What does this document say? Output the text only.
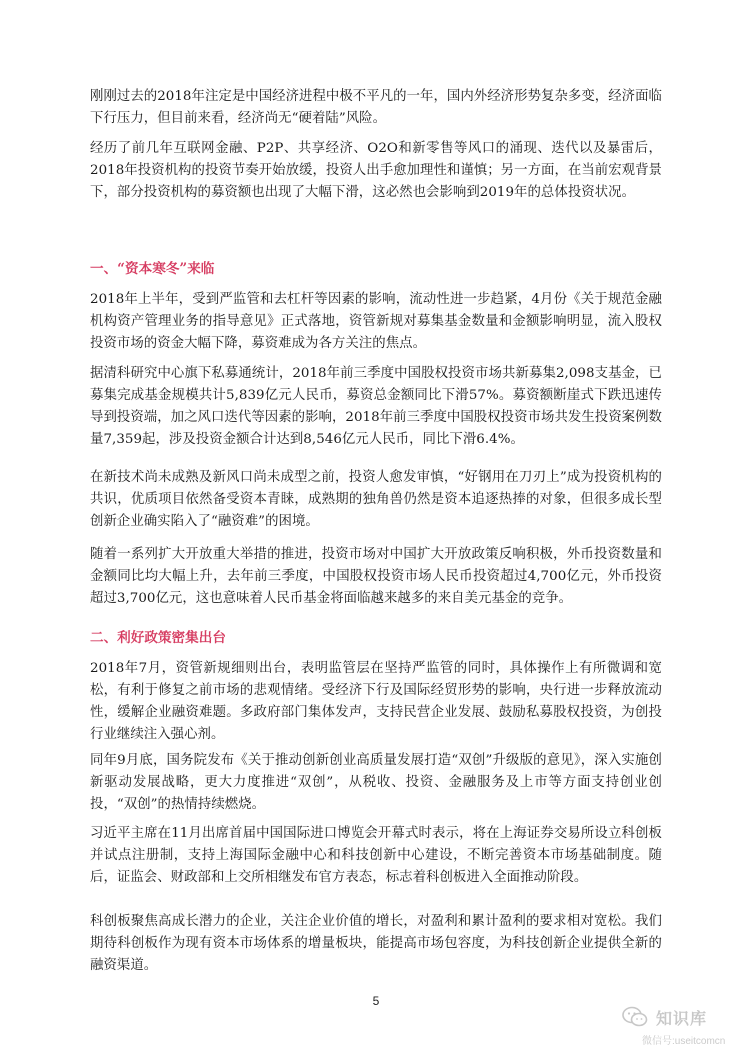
刚刚过去的2018年注定是中国经济进程中极不平凡的一年，国内外经济形势复杂多变，经济面临下行压力，但目前来看，经济尚无“硬着陆”风险。

经历了前几年互联网金融、P2P、共享经济、O2O和新零售等风口的涌现、迭代以及暴雷后，2018年投资机构的投资节奏开始放缓，投资人出手愈加理性和谨慎；另一方面，在当前宏观背景下，部分投资机构的募资额也出现了大幅下滑，这必然也会影响到2019年的总体投资状况。

一、“资本寒冬”来临

2018年上半年，受到严监管和去杠杆等因素的影响，流动性进一步趋紧，4月份《关于规范金融机构资产管理业务的指导意见》正式落地，资管新规对募集基金数量和金额影响明显，流入股权投资市场的资金大幅下降，募资难成为各方关注的焦点。

据清科研究中心旗下私募通统计，2018年前三季度中国股权投资市场共新募集2,098支基金，已募集完成基金规模共计5,839亿元人民币，募资总金额同比下滑57%。募资额断崖式下跌迅速传导到投资端，加之风口迭代等因素的影响，2018年前三季度中国股权投资市场共发生投资案例数量7,359起，涉及投资金额合计达到8,546亿元人民币，同比下滑6.4%。

在新技术尚未成熟及新风口尚未成型之前，投资人愈发审慎，“好钢用在刀刃上”成为投资机构的共识，优质项目依然备受资本青睐，成熟期的独角兽仍然是资本追逐热捧的对象，但很多成长型创新企业确实陷入了“融资难”的困境。

随着一系列扩大开放重大举措的推进，投资市场对中国扩大开放政策反响积极，外币投资数量和金额同比均大幅上升，去年前三季度，中国股权投资市场人民币投资超过4,700亿元，外币投资超过3,700亿元，这也意味着人民币基金将面临越来越多的来自美元基金的竞争。

二、利好政策密集出台

2018年7月，资管新规细则出台，表明监管层在坚持严监管的同时，具体操作上有所微调和宽松，有利于修复之前市场的悲观情绪。受经济下行及国际经贸形势的影响，央行进一步释放流动性，缓解企业融资难题。多政府部门集体发声，支持民营企业发展、鼓励私募股权投资，为创投行业继续注入强心剂。

同年9月底，国务院发布《关于推动创新创业高质量发展打造“双创”升级版的意见》，深入实施创新驱动发展战略，更大力度推进“双创”，从税收、投资、金融服务及上市等方面支持创业创投，“双创”的热情持续燃烧。

习近平主席在11月出席首届中国国际进口博览会开幕式时表示，将在上海证券交易所设立科创板并试点注册制，支持上海国际金融中心和科技创新中心建设，不断完善资本市场基础制度。随后，证监会、财政部和上交所相继发布官方表态，标志着科创板进入全面推动阶段。

科创板聚焦高成长潜力的企业，关注企业价值的增长，对盈利和累计盈利的要求相对宽松。我们期待科创板作为现有资本市场体系的增量板块，能提高市场包容度，为科技创新企业提供全新的融资渠道。

5
知识库
微信号:useitcomcn
